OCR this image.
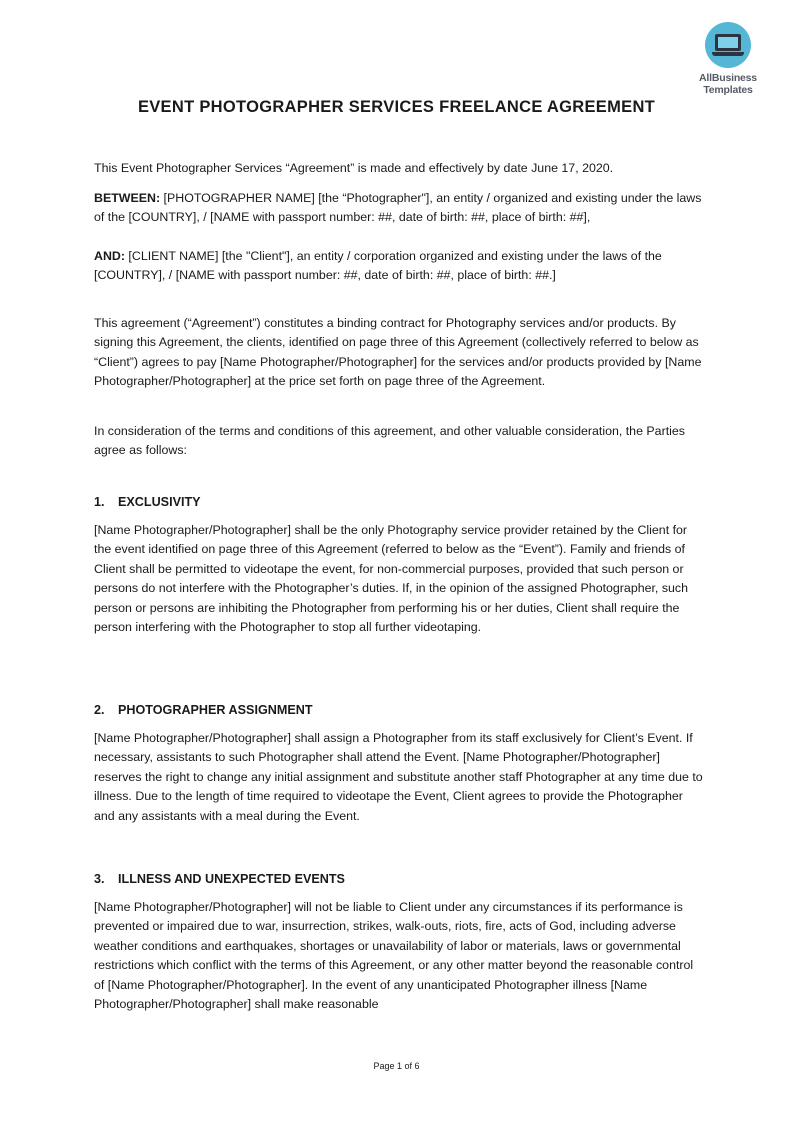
AllBusiness
Templates
EVENT PHOTOGRAPHER SERVICES FREELANCE AGREEMENT

This Event Photographer Services “Agreement” is made and effectively by date June 17, 2020.

BETWEEN: [PHOTOGRAPHER NAME] [the “Photographer"], an entity / organized and existing under the laws of the [COUNTRY], / [NAME with passport number: ##, date of birth: ##, place of birth: ##],

AND: [CLIENT NAME] [the "Client"], an entity / corporation organized and existing under the laws of the [COUNTRY], / [NAME with passport number: ##, date of birth: ##, place of birth: ##.]

This agreement (“Agreement”) constitutes a binding contract for Photography services and/or products. By signing this Agreement, the clients, identified on page three of this Agreement (collectively referred to below as “Client”) agrees to pay [Name Photographer/Photographer] for the services and/or products provided by [Name Photographer/Photographer] at the price set forth on page three of the Agreement.

In consideration of the terms and conditions of this agreement, and other valuable consideration, the Parties agree as follows:

1. EXCLUSIVITY

[Name Photographer/Photographer] shall be the only Photography service provider retained by the Client for the event identified on page three of this Agreement (referred to below as the “Event”). Family and friends of Client shall be permitted to videotape the event, for non-commercial purposes, provided that such person or persons do not interfere with the Photographer’s duties. If, in the opinion of the assigned Photographer, such person or persons are inhibiting the Photographer from performing his or her duties, Client shall require the person interfering with the Photographer to stop all further videotaping.

2. PHOTOGRAPHER ASSIGNMENT

[Name Photographer/Photographer] shall assign a Photographer from its staff exclusively for Client’s Event. If necessary, assistants to such Photographer shall attend the Event. [Name Photographer/Photographer] reserves the right to change any initial assignment and substitute another staff Photographer at any time due to illness. Due to the length of time required to videotape the Event, Client agrees to provide the Photographer and any assistants with a meal during the Event.

3. ILLNESS AND UNEXPECTED EVENTS

[Name Photographer/Photographer] will not be liable to Client under any circumstances if its performance is prevented or impaired due to war, insurrection, strikes, walk-outs, riots, fire, acts of God, including adverse weather conditions and earthquakes, shortages or unavailability of labor or materials, laws or governmental restrictions which conflict with the terms of this Agreement, or any other matter beyond the reasonable control of [Name Photographer/Photographer]. In the event of any unanticipated Photographer illness [Name Photographer/Photographer] shall make reasonable

Page 1 of 6
